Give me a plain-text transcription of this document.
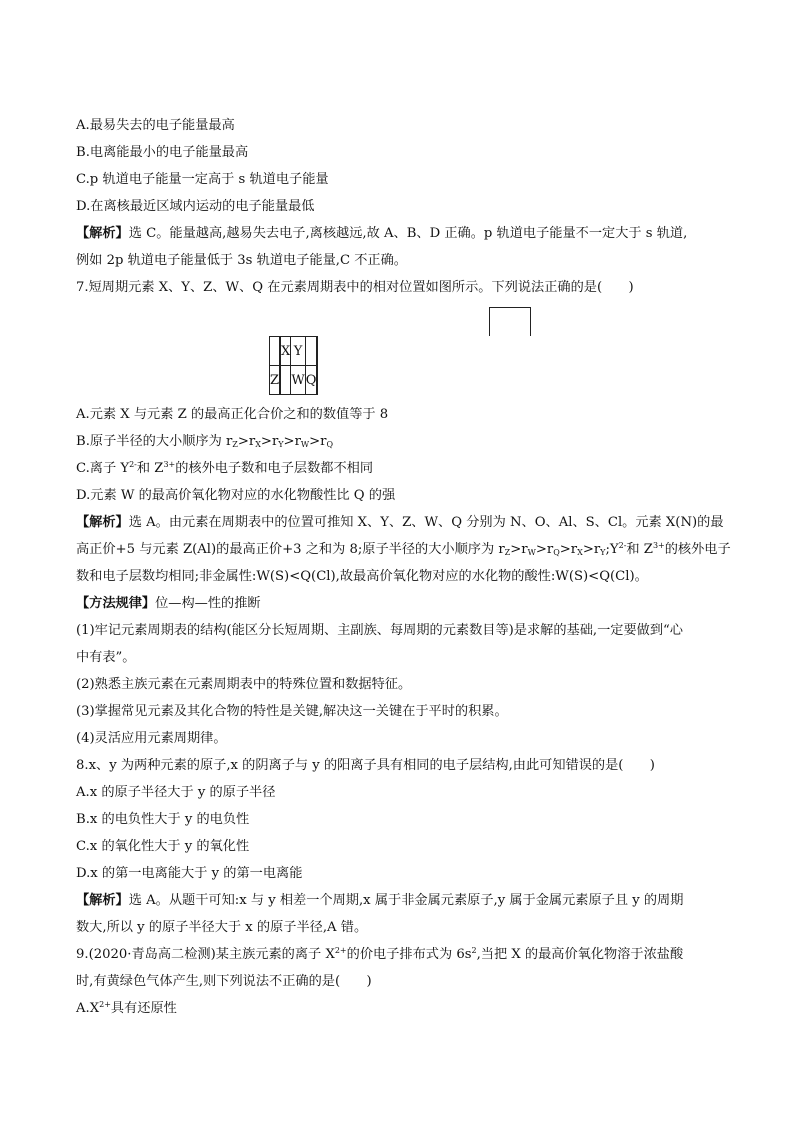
A.最易失去的电子能量最高
B.电离能最小的电子能量最高
C.p 轨道电子能量一定高于 s 轨道电子能量
D.在离核最近区域内运动的电子能量最低
【解析】选 C。能量越高,越易失去电子,离核越远,故 A、B、D 正确。p 轨道电子能量不一定大于 s 轨道,
例如 2p 轨道电子能量低于 3s 轨道电子能量,C 不正确。
7.短周期元素 X、Y、Z、W、Q 在元素周期表中的相对位置如图所示。下列说法正确的是(　　)
		X	Y		
Z			W	Q	
A.元素 X 与元素 Z 的最高正化合价之和的数值等于 8
B.原子半径的大小顺序为 $r_Z>r_X>r_Y>r_W>r_Q$
C.离子 $Y^{2-}$和 $Z^{3+}$的核外电子数和电子层数都不相同
D.元素 W 的最高价氧化物对应的水化物酸性比 Q 的强
【解析】选 A。由元素在周期表中的位置可推知 X、Y、Z、W、Q 分别为 N、O、Al、S、Cl。元素 X(N)的最
高正价+5 与元素 Z(Al)的最高正价+3 之和为 8;原子半径的大小顺序为 $r_Z>r_W>r_Q>r_X>r_Y;Y^{2-}$和 $Z^{3+}$的核外电子
数和电子层数均相同;非金属性:W(S)<Q(Cl),故最高价氧化物对应的水化物的酸性:W(S)<Q(Cl)。
【方法规律】位—构—性的推断
(1)牢记元素周期表的结构(能区分长短周期、主副族、每周期的元素数目等)是求解的基础,一定要做到“心
中有表”。
(2)熟悉主族元素在元素周期表中的特殊位置和数据特征。
(3)掌握常见元素及其化合物的特性是关键,解决这一关键在于平时的积累。
(4)灵活应用元素周期律。
8.x、y 为两种元素的原子,x 的阴离子与 y 的阳离子具有相同的电子层结构,由此可知错误的是(　　)
A.x 的原子半径大于 y 的原子半径
B.x 的电负性大于 y 的电负性
C.x 的氧化性大于 y 的氧化性
D.x 的第一电离能大于 y 的第一电离能
【解析】选 A。从题干可知:x 与 y 相差一个周期,x 属于非金属元素原子,y 属于金属元素原子且 y 的周期
数大,所以 y 的原子半径大于 x 的原子半径,A 错。
9.(2020·青岛高二检测)某主族元素的离子 $X^{2+}$的价电子排布式为 $6s^2$,当把 X 的最高价氧化物溶于浓盐酸
时,有黄绿色气体产生,则下列说法不正确的是(　　)
$A.X^{2+}$具有还原性
